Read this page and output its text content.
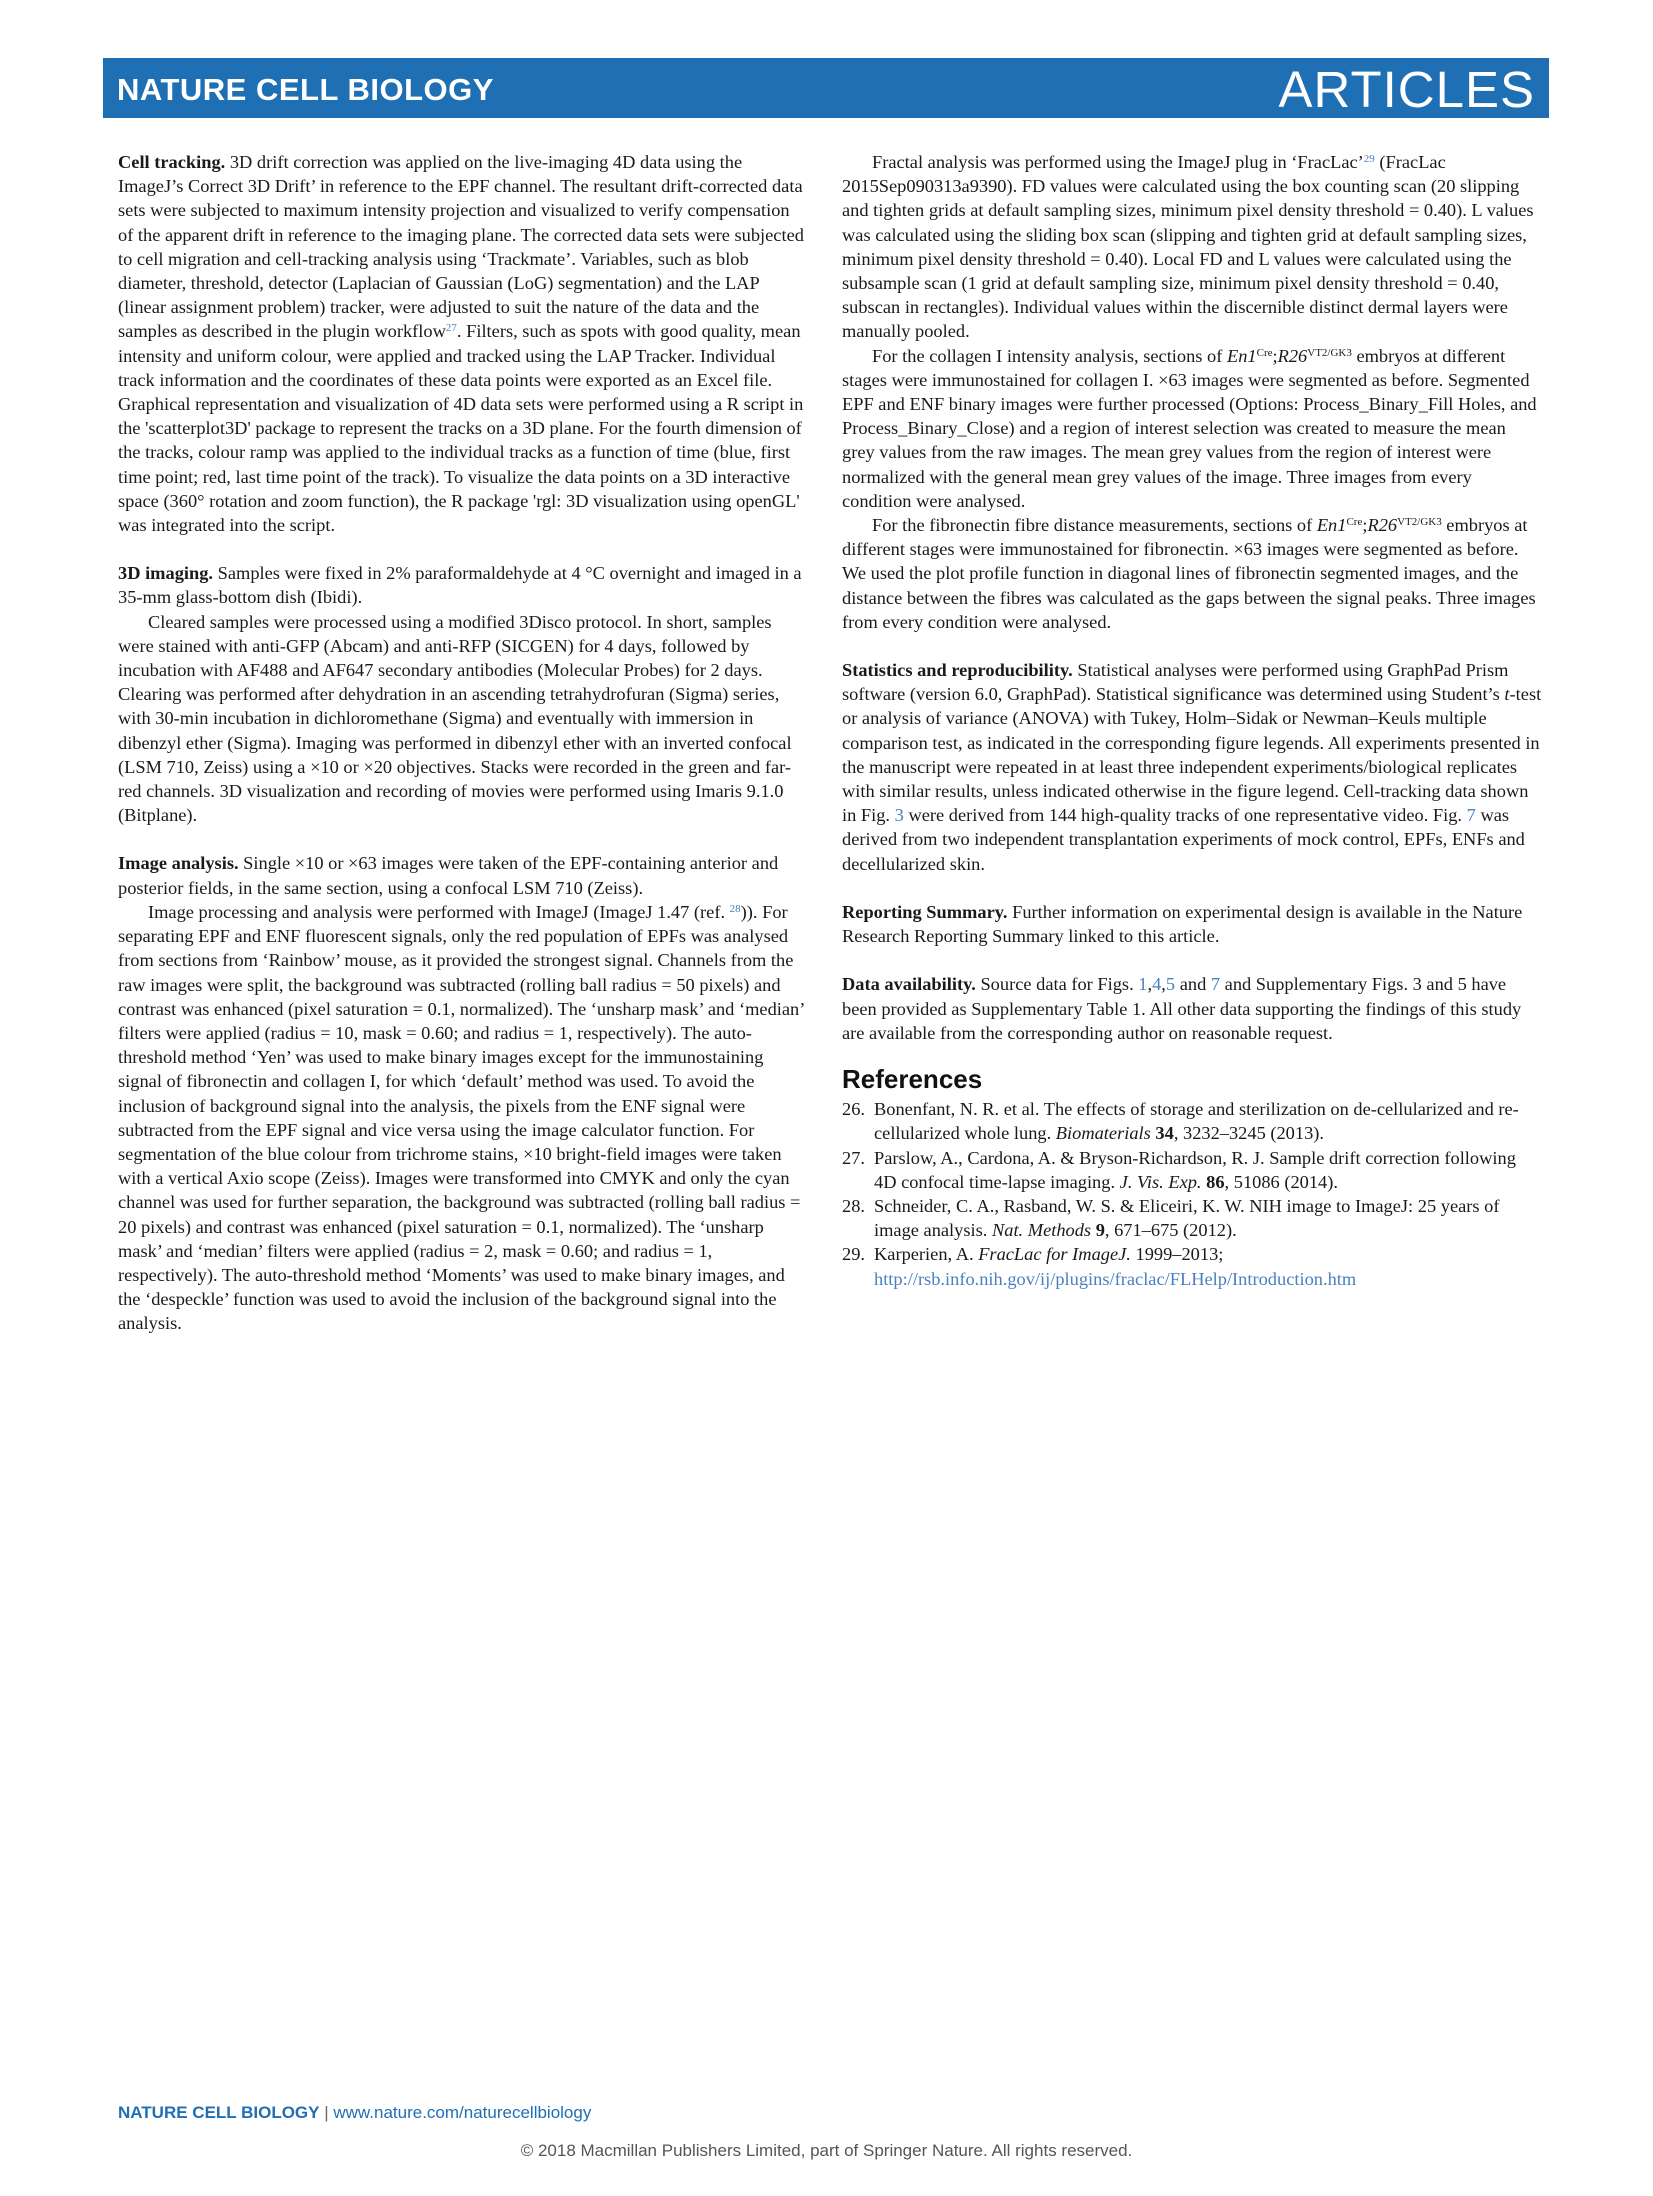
NATURE CELL BIOLOGY	ARTICLES

Cell tracking. 3D drift correction was applied on the live-imaging 4D data using the ImageJ’s Correct 3D Drift’ in reference to the EPF channel. The resultant drift-corrected data sets were subjected to maximum intensity projection and visualized to verify compensation of the apparent drift in reference to the imaging plane. The corrected data sets were subjected to cell migration and cell-tracking analysis using ‘Trackmate’. Variables, such as blob diameter, threshold, detector (Laplacian of Gaussian (LoG) segmentation) and the LAP (linear assignment problem) tracker, were adjusted to suit the nature of the data and the samples as described in the plugin workflow$^{27}$. Filters, such as spots with good quality, mean intensity and uniform colour, were applied and tracked using the LAP Tracker. Individual track information and the coordinates of these data points were exported as an Excel file. Graphical representation and visualization of 4D data sets were performed using a R script in the 'scatterplot3D' package to represent the tracks on a 3D plane. For the fourth dimension of the tracks, colour ramp was applied to the individual tracks as a function of time (blue, first time point; red, last time point of the track). To visualize the data points on a 3D interactive space (360° rotation and zoom function), the R package 'rgl: 3D visualization using openGL' was integrated into the script.

3D imaging. Samples were fixed in 2% paraformaldehyde at 4 °C overnight and imaged in a 35-mm glass-bottom dish (Ibidi).

Cleared samples were processed using a modified 3Disco protocol. In short, samples were stained with anti-GFP (Abcam) and anti-RFP (SICGEN) for 4 days, followed by incubation with AF488 and AF647 secondary antibodies (Molecular Probes) for 2 days. Clearing was performed after dehydration in an ascending tetrahydrofuran (Sigma) series, with 30-min incubation in dichloromethane (Sigma) and eventually with immersion in dibenzyl ether (Sigma). Imaging was performed in dibenzyl ether with an inverted confocal (LSM 710, Zeiss) using a ×10 or ×20 objectives. Stacks were recorded in the green and far-red channels. 3D visualization and recording of movies were performed using Imaris 9.1.0 (Bitplane).

Image analysis. Single ×10 or ×63 images were taken of the EPF-containing anterior and posterior fields, in the same section, using a confocal LSM 710 (Zeiss).

Image processing and analysis were performed with ImageJ (ImageJ 1.47 (ref. $^{28}$)). For separating EPF and ENF fluorescent signals, only the red population of EPFs was analysed from sections from ‘Rainbow’ mouse, as it provided the strongest signal. Channels from the raw images were split, the background was subtracted (rolling ball radius = 50 pixels) and contrast was enhanced (pixel saturation = 0.1, normalized). The ‘unsharp mask’ and ‘median’ filters were applied (radius = 10, mask = 0.60; and radius = 1, respectively). The auto-threshold method ‘Yen’ was used to make binary images except for the immunostaining signal of fibronectin and collagen I, for which ‘default’ method was used. To avoid the inclusion of background signal into the analysis, the pixels from the ENF signal were subtracted from the EPF signal and vice versa using the image calculator function. For segmentation of the blue colour from trichrome stains, ×10 bright-field images were taken with a vertical Axio scope (Zeiss). Images were transformed into CMYK and only the cyan channel was used for further separation, the background was subtracted (rolling ball radius = 20 pixels) and contrast was enhanced (pixel saturation = 0.1, normalized). The ‘unsharp mask’ and ‘median’ filters were applied (radius = 2, mask = 0.60; and radius = 1, respectively). The auto-threshold method ‘Moments’ was used to make binary images, and the ‘despeckle’ function was used to avoid the inclusion of the background signal into the analysis.

Fractal analysis was performed using the ImageJ plug in ‘FracLac’$^{29}$ (FracLac 2015Sep090313a9390). FD values were calculated using the box counting scan (20 slipping and tighten grids at default sampling sizes, minimum pixel density threshold = 0.40). L values was calculated using the sliding box scan (slipping and tighten grid at default sampling sizes, minimum pixel density threshold = 0.40). Local FD and L values were calculated using the subsample scan (1 grid at default sampling size, minimum pixel density threshold = 0.40, subscan in rectangles). Individual values within the discernible distinct dermal layers were manually pooled.

For the collagen I intensity analysis, sections of $En1^{Cre};R26^{VT2/GK3}$ embryos at different stages were immunostained for collagen I. ×63 images were segmented as before. Segmented EPF and ENF binary images were further processed (Options: Process_Binary_Fill Holes, and Process_Binary_Close) and a region of interest selection was created to measure the mean grey values from the raw images. The mean grey values from the region of interest were normalized with the general mean grey values of the image. Three images from every condition were analysed.

For the fibronectin fibre distance measurements, sections of $En1^{Cre};R26^{VT2/GK3}$ embryos at different stages were immunostained for fibronectin. ×63 images were segmented as before. We used the plot profile function in diagonal lines of fibronectin segmented images, and the distance between the fibres was calculated as the gaps between the signal peaks. Three images from every condition were analysed.

Statistics and reproducibility. Statistical analyses were performed using GraphPad Prism software (version 6.0, GraphPad). Statistical significance was determined using Student’s t-test or analysis of variance (ANOVA) with Tukey, Holm–Sidak or Newman–Keuls multiple comparison test, as indicated in the corresponding figure legends. All experiments presented in the manuscript were repeated in at least three independent experiments/biological replicates with similar results, unless indicated otherwise in the figure legend. Cell-tracking data shown in Fig. 3 were derived from 144 high-quality tracks of one representative video. Fig. 7 was derived from two independent transplantation experiments of mock control, EPFs, ENFs and decellularized skin.

Reporting Summary. Further information on experimental design is available in the Nature Research Reporting Summary linked to this article.

Data availability. Source data for Figs. 1,4,5 and 7 and Supplementary Figs. 3 and 5 have been provided as Supplementary Table 1. All other data supporting the findings of this study are available from the corresponding author on reasonable request.

References
26. Bonenfant, N. R. et al. The effects of storage and sterilization on de-cellularized and re-cellularized whole lung. Biomaterials 34, 3232–3245 (2013).
27. Parslow, A., Cardona, A. & Bryson-Richardson, R. J. Sample drift correction following 4D confocal time-lapse imaging. J. Vis. Exp. 86, 51086 (2014).
28. Schneider, C. A., Rasband, W. S. & Eliceiri, K. W. NIH image to ImageJ: 25 years of image analysis. Nat. Methods 9, 671–675 (2012).
29. Karperien, A. FracLac for ImageJ. 1999–2013; http://rsb.info.nih.gov/ij/plugins/fraclac/FLHelp/Introduction.htm
NATURE CELL BIOLOGY | www.nature.com/naturecellbiology
© 2018 Macmillan Publishers Limited, part of Springer Nature. All rights reserved.
